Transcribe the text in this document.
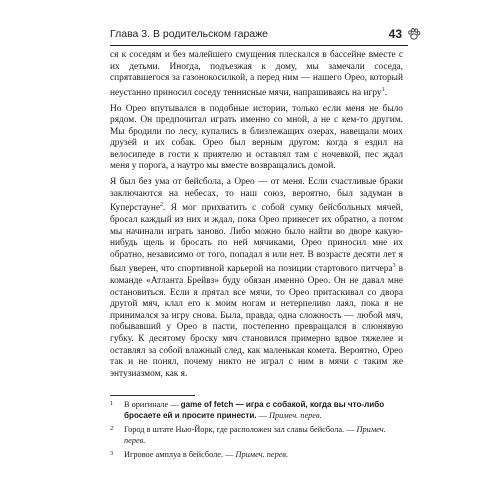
Глава 3. В родительском гараже	43

ся к соседям и без малейшего смущения плескался в бассейне вместе с их детьми. Иногда, подъезжая к дому, мы замечали соседа, спрятавшегося за газонокосилкой, а перед ним — нашего Орео, который неустанно приносил соседу теннисные мячи, напрашиваясь на игру$^1$.

Но Орео впутывался в подобные истории, только если меня не было рядом. Он предпочитал играть именно со мной, а не с кем-то другим. Мы бродили по лесу, купались в близлежащих озерах, навещали моих друзей и их собак. Орео был верным другом: когда я ездил на велосипеде в гости к приятелю и оставлял там с ночевкой, пес ждал меня у порога, а наутро мы вместе возвращались домой.

Я был без ума от бейсбола, а Орео — от меня. Если счастливые браки заключаются на небесах, то наш союз, вероятно, был задуман в Куперстауне$^2$. Я мог прихватить с собой сумку бейсбольных мячей, бросал каждый из них и ждал, пока Орео принесет их обратно, а потом мы начинали играть заново. Либо можно было найти во дворе какую-нибудь щель и бросать по ней мячиками, Орео приносил мне их обратно, независимо от того, попадал я или нет. В возрасте десяти лет я был уверен, что спортивной карьерой на позиции стартового питчера$^3$ в команде «Атланта Брейвз» буду обязан именно Орео. Он не давал мне остановиться. Если я прятал все мячи, то Орео притаскивал со двора другой мяч, клал его к моим ногам и нетерпеливо лаял, пока я не принимался за игру снова. Была, правда, одна сложность — любой мяч, побывавший у Орео в пасти, постепенно превращался в слюнявую губку. К десятому броску мяч становился примерно вдвое тяжелее и оставлял за собой влажный след, как маленькая комета. Вероятно, Орео так и не понял, почему никто не играл с ним в мячи с таким же энтузиазмом, как я.

1 В оригинале — game of fetch — игра с собакой, когда вы что-либо бросаете ей и просите принести. — Примеч. перев.
2 Город в штате Нью-Йорк, где расположен зал славы бейсбола. — Примеч. перев.
3 Игровое амплуа в бейсболе. — Примеч. перев.
